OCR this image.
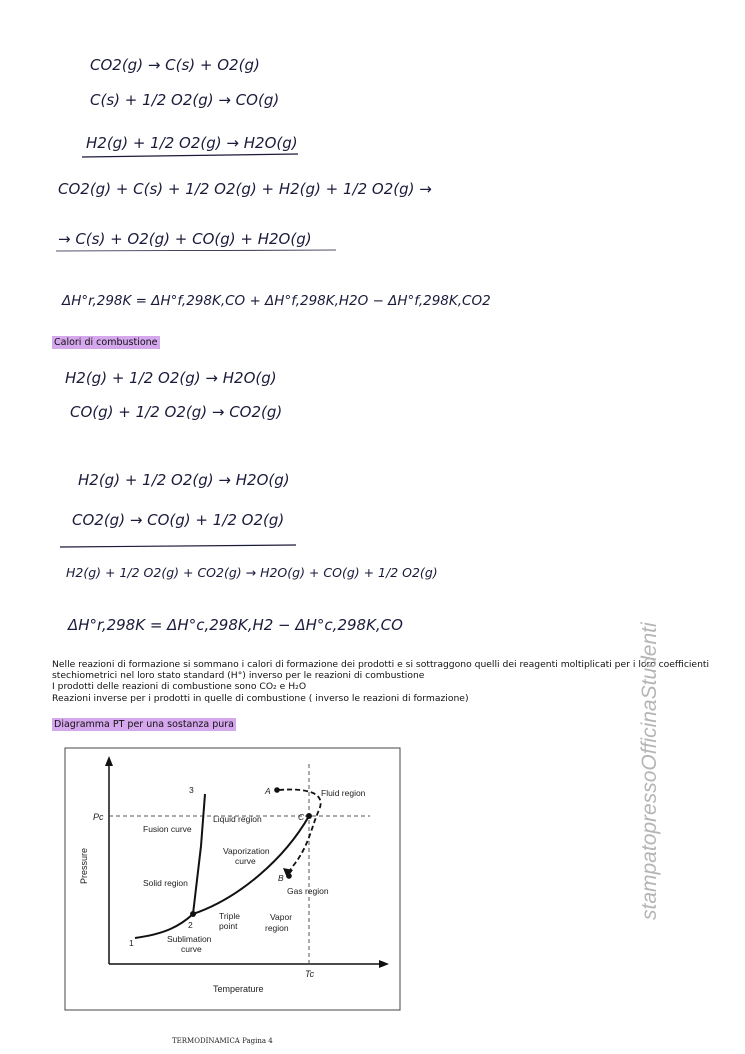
CO2(g) → C(s) + O2(g)
C(s) + 1/2 O2(g) → CO(g)
H2(g) + 1/2 O2(g) → H2O(g)
CO2(g) + C(s) + 1/2 O2(g) + H2(g) + 1/2 O2(g) →
→ C(s) + O2(g) + CO(g) + H2O(g)
ΔH°r,298K = ΔH°f,298K,CO + ΔH°f,298K,H2O − ΔH°f,298K,CO2
Calori di combustione
H2(g) + 1/2 O2(g) → H2O(g)
CO(g) + 1/2 O2(g) → CO2(g)
H2(g) + 1/2 O2(g) → H2O(g)
CO2(g) → CO(g) + 1/2 O2(g)
H2(g) + 1/2 O2(g) + CO2(g) → H2O(g) + CO(g) + 1/2 O2(g)
ΔH°r,298K = ΔH°c,298K,H2 − ΔH°c,298K,CO
Nelle reazioni di formazione si sommano i calori di formazione dei prodotti e si sottraggono quelli dei reagenti moltiplicati per i loro coefficienti
stechiometrici nel loro stato standard (H°) inverso per le reazioni di combustione
I prodotti delle reazioni di combustione sono CO₂ e H₂O
Reazioni inverse per i prodotti in quelle di combustione ( inverso le reazioni di formazione)
Diagramma PT per una sostanza pura
Pressure
Temperature
Pc
Tc
Fluid region
Liquid region
Fusion curve
Vaporization
curve
Solid region
Gas region
Vapor
region
Triple
point
Sublimation
curve
1
2
3	A
B
C	stampatopressoOfficinaStudenti
TERMODINAMICA Pagina 4
